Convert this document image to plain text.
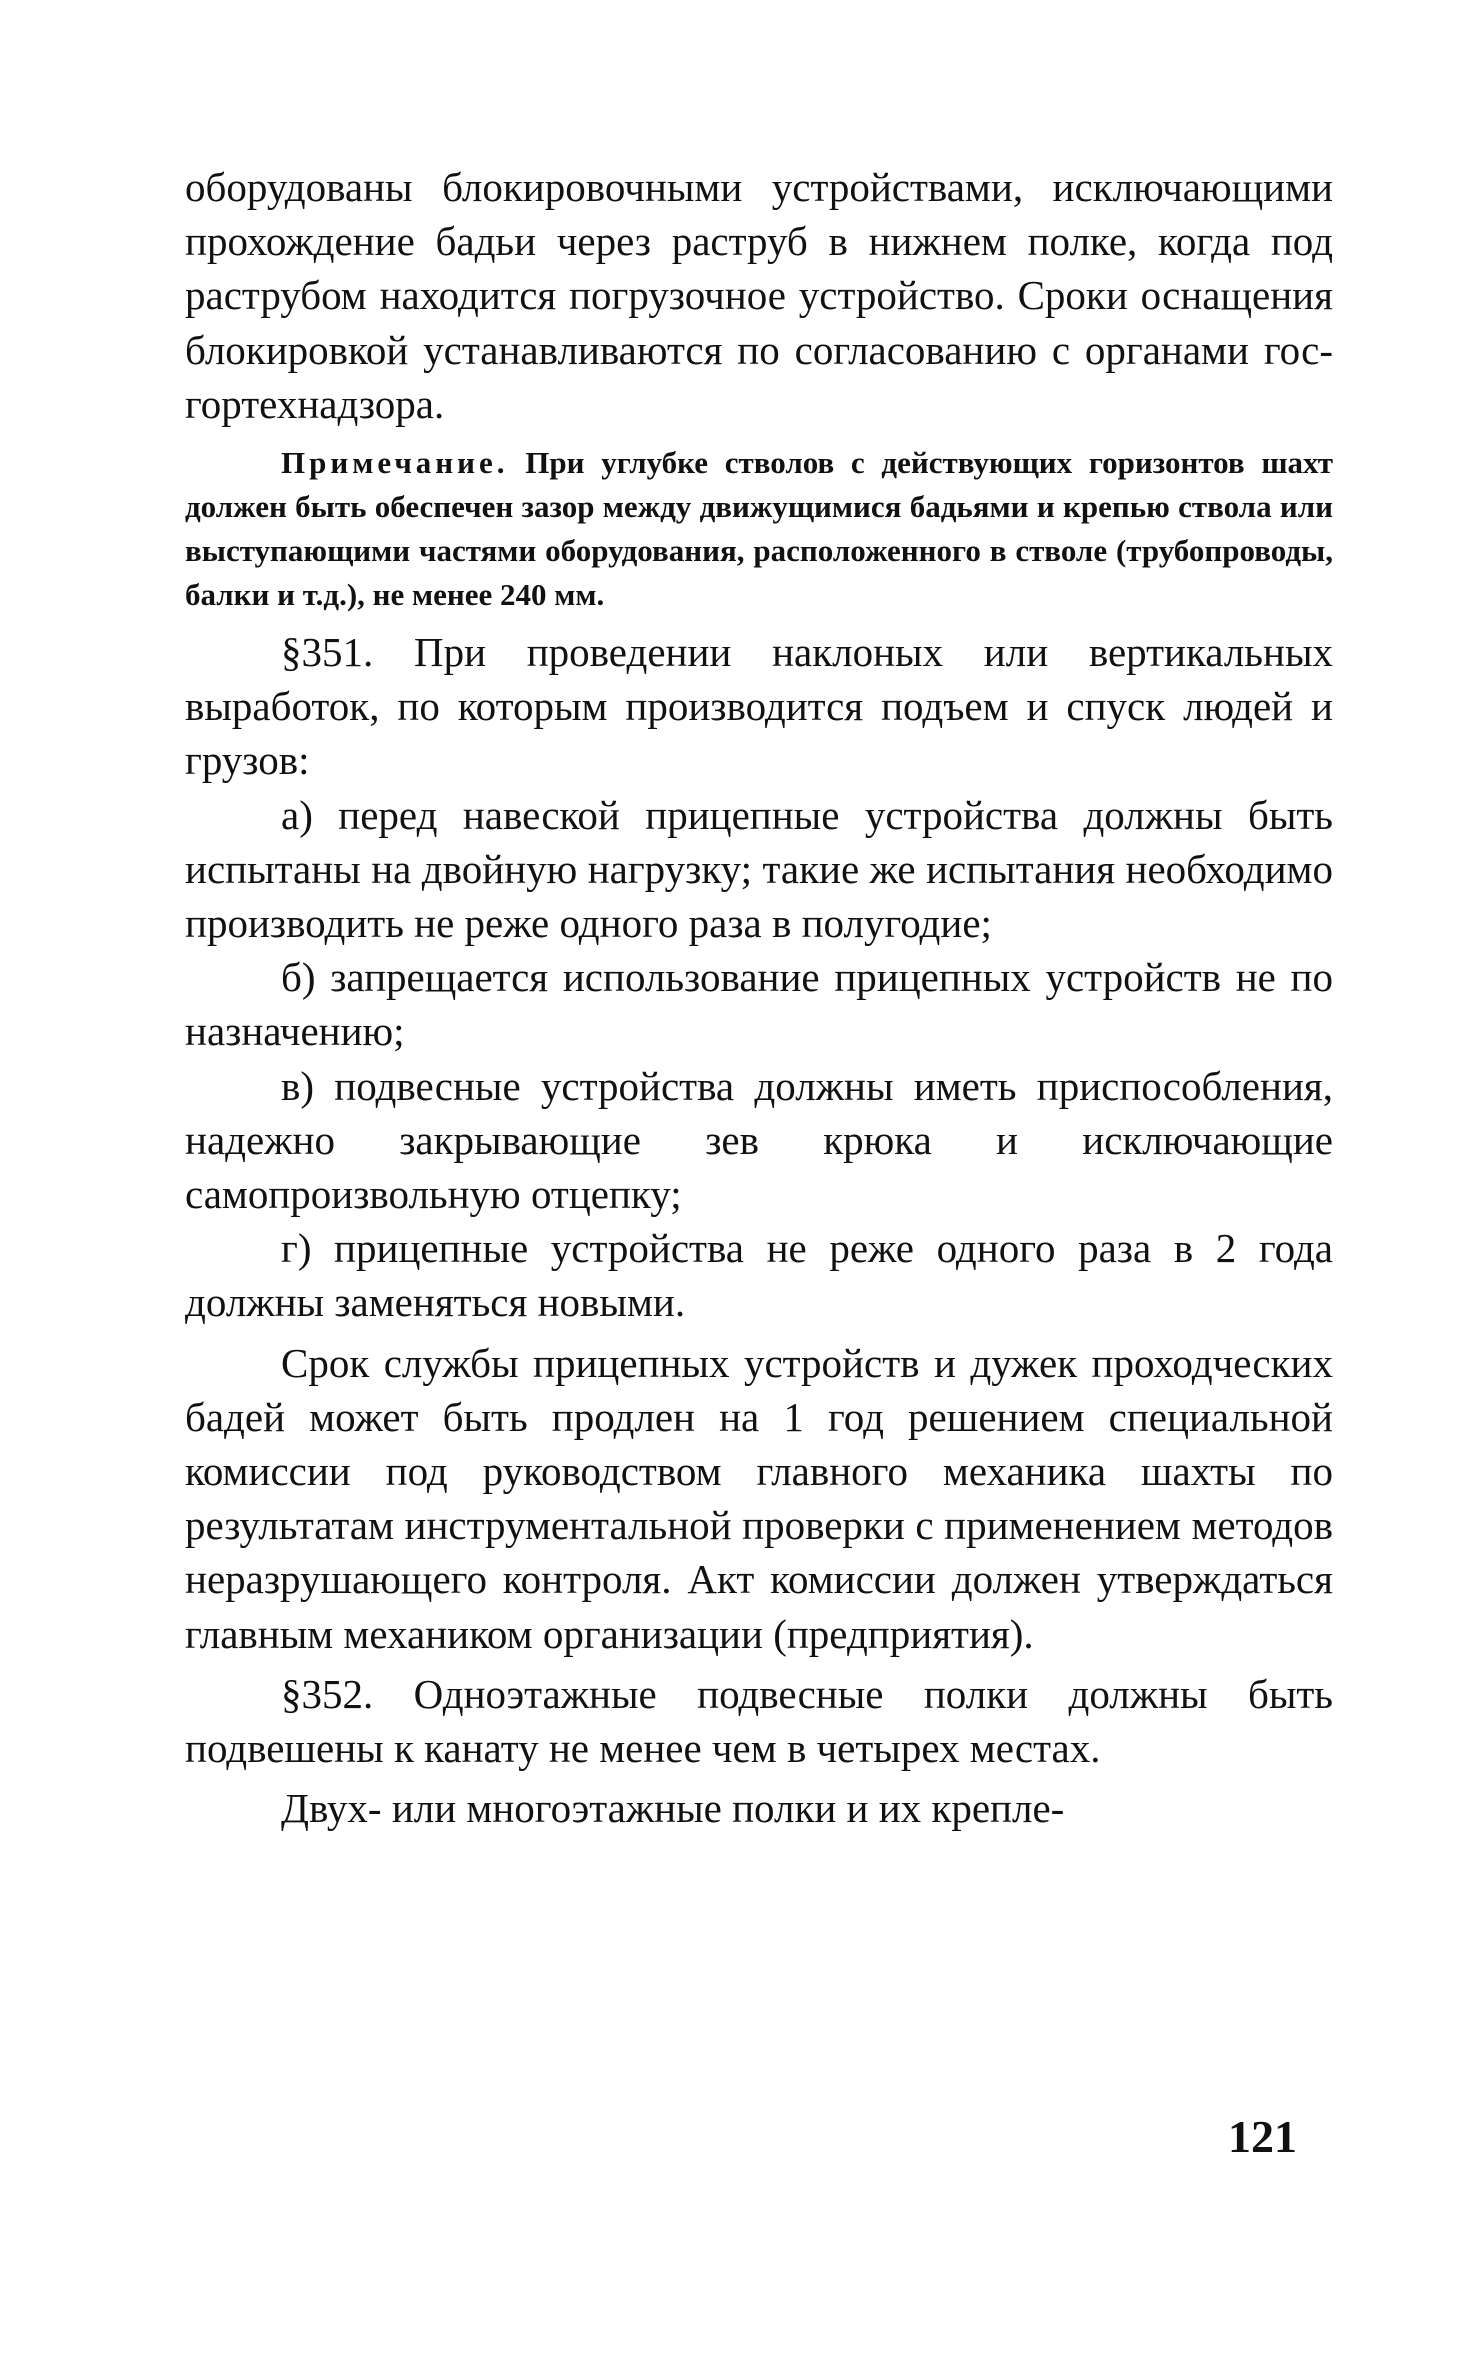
оборудованы блокировочными устройствами, исключающими прохождение бадьи через раструб в нижнем полке, когда под раструбом находится погрузочное устройство. Сроки оснащения блокировкой устанавливаются по согласованию с органами госгортехнадзора.

Примечание. При углубке стволов с действующих горизонтов шахт должен быть обеспечен зазор между движущимися бадьями и крепью ствола или выступающими частями оборудования, расположенного в стволе (трубопроводы, балки и т.д.), не менее 240 мм.

§351. При проведении наклоных или вертикальных выработок, по которым производится подъем и спуск людей и грузов:

а) перед навеской прицепные устройства должны быть испытаны на двойную нагрузку; такие же испытания необходимо производить не реже одного раза в полугодие;

б) запрещается использование прицепных устройств не по назначению;

в) подвесные устройства должны иметь приспособления, надежно закрывающие зев крюка и исключающие самопроизвольную отцепку;

г) прицепные устройства не реже одного раза в 2 года должны заменяться новыми.

Срок службы прицепных устройств и дужек проходческих бадей может быть продлен на 1 год решением специальной комиссии под руководством главного механика шахты по результатам инструментальной проверки с применением методов неразрушающего контроля. Акт комиссии должен утверждаться главным механиком организации (предприятия).

§352. Одноэтажные подвесные полки должны быть подвешены к канату не менее чем в четырех местах.

Двух- или многоэтажные полки и их крепле-

121
